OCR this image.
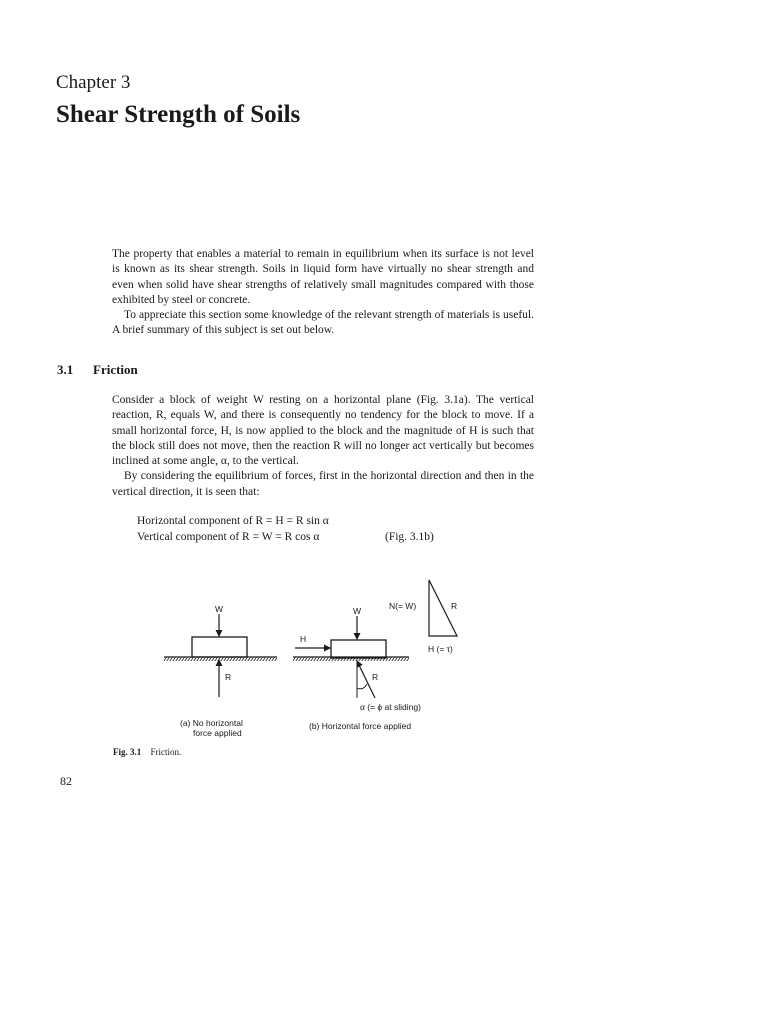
Chapter 3
Shear Strength of Soils

The property that enables a material to remain in equilibrium when its surface is not level is known as its shear strength. Soils in liquid form have virtually no shear strength and even when solid have shear strengths of relatively small magnitudes compared with those exhibited by steel or concrete.

To appreciate this section some knowledge of the relevant strength of materials is useful. A brief summary of this subject is set out below.

3.1 Friction

Consider a block of weight W resting on a horizontal plane (Fig. 3.1a). The vertical reaction, R, equals W, and there is consequently no tendency for the block to move. If a small horizontal force, H, is now applied to the block and the magnitude of H is such that the block still does not move, then the reaction R will no longer act vertically but becomes inclined at some angle, α, to the vertical.

By considering the equilibrium of forces, first in the horizontal direction and then in the vertical direction, it is seen that:

Horizontal component of R = H = R sin α
Vertical component of R = W = R cos α	(Fig. 3.1b)
W
R
(a) No horizontal
force applied
W
H
R
α (= ϕ at sliding)
(b) Horizontal force applied
N(= W)	R
H (= τ)
Fig. 3.1 Friction.
82
